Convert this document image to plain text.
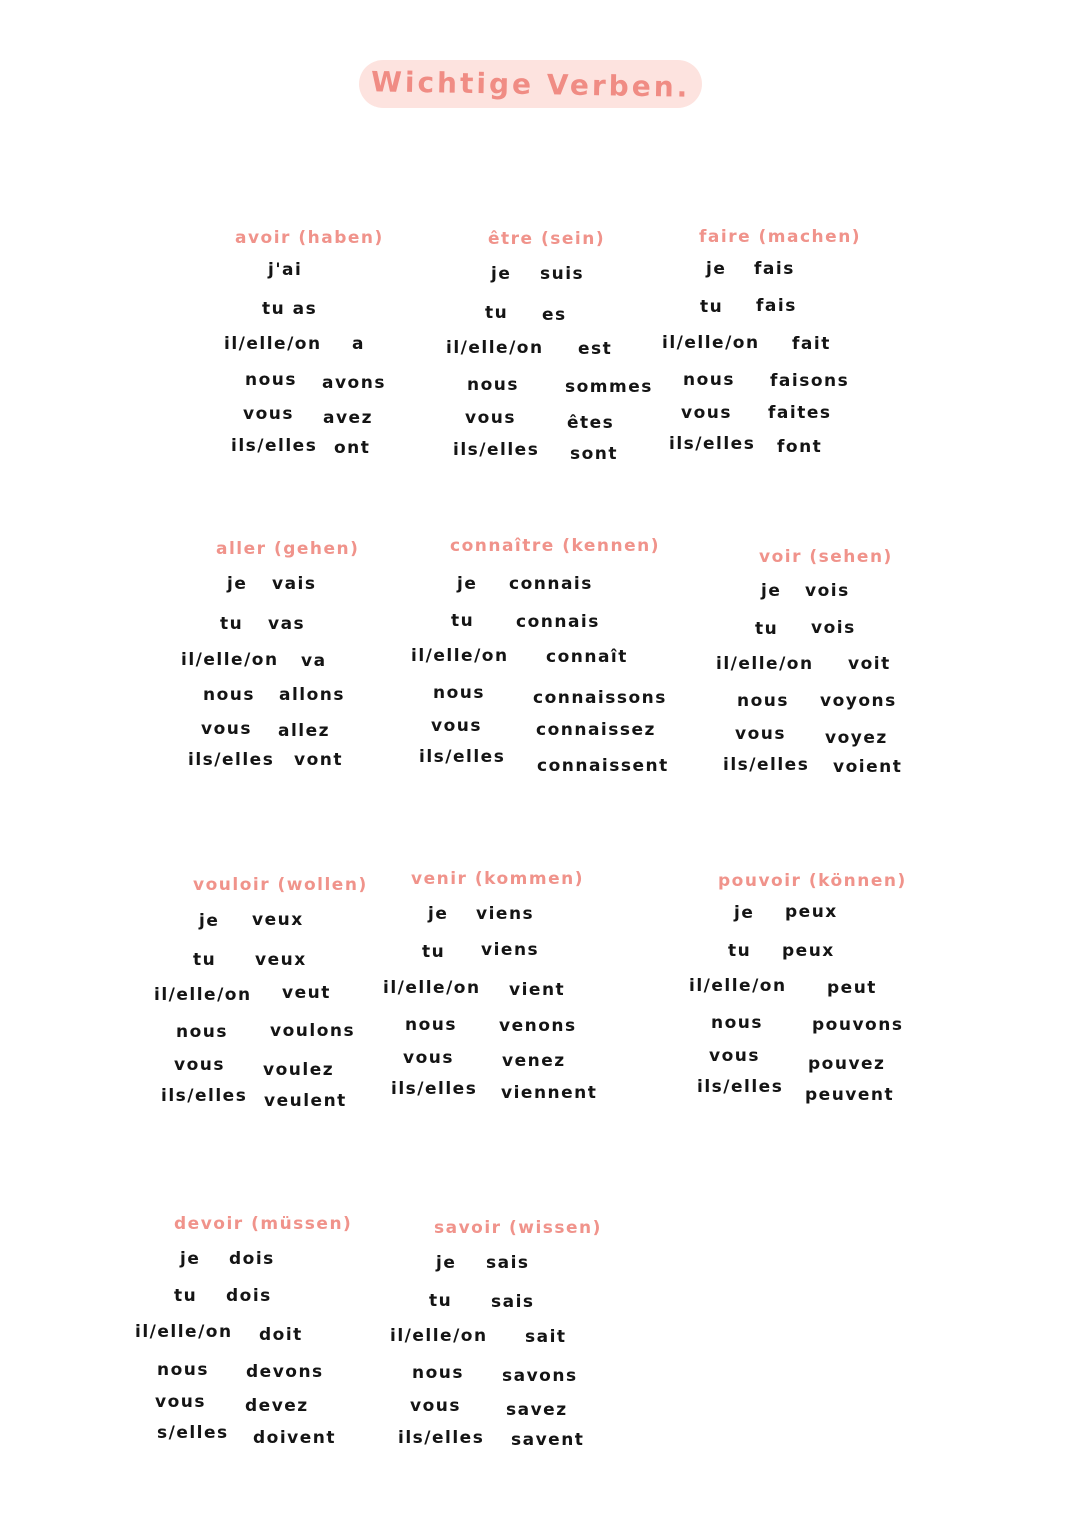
Wichtige Verben.
avoir (haben)
j'ai
tu as
il/elle/on a
nous avons
vous avez
ils/elles ont
être (sein)
je suis
tu es
il/elle/on est
nous	sommes
vous	êtes
ils/elles sont
faire (machen)
je fais
tu fais
il/elle/on fait
nous faisons
vous faites
ils/elles font
aller (gehen)
je vais
tu vas
il/elle/on va
nous allons
vous allez
ils/elles vont
connaître (kennen)
je connais
tu connais
il/elle/on connaît
nous	connaissons
vous	connaissez
ils/elles connaissent
voir (sehen)
je vois
tu vois
il/elle/on voit
nous voyons
vous voyez
ils/elles voient
vouloir (wollen)
je veux
tu veux
il/elle/on veut
nous voulons
vous voulez
ils/elles veulent
venir (kommen)
je viens
tu viens
il/elle/on vient
nous venons
vous	venez
ils/elles viennent
pouvoir (können)
je peux
tu peux
il/elle/on peut
nous	pouvons
vous	pouvez
ils/elles peuvent
devoir (müssen)
je dois
tu dois
il/elle/on doit
nous devons
vous devez
s/elles doivent
savoir (wissen)
je sais
tu sais
il/elle/on sait
nous savons
vous	savez
ils/elles savent
